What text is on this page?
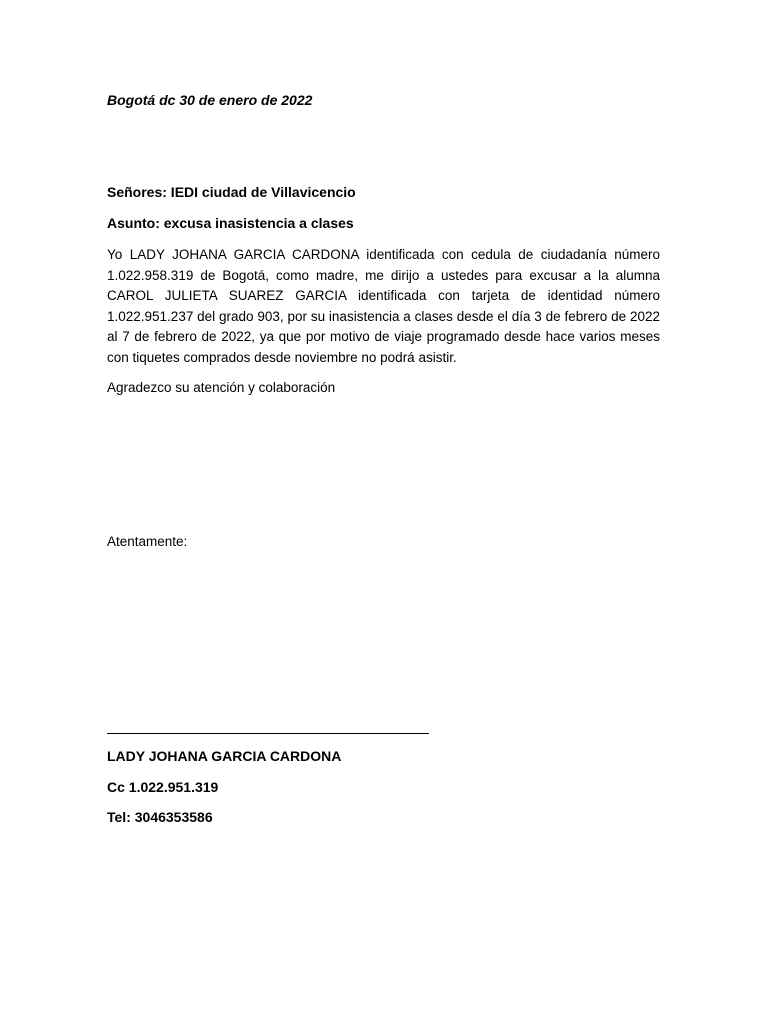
Bogotá dc 30 de enero de 2022
Señores: IEDI ciudad de Villavicencio
Asunto: excusa inasistencia a clases
Yo LADY JOHANA GARCIA CARDONA identificada con cedula de ciudadanía número 1.022.958.319 de Bogotá, como madre, me dirijo a ustedes para excusar a la alumna CAROL JULIETA SUAREZ GARCIA identificada con tarjeta de identidad número 1.022.951.237 del grado 903, por su inasistencia a clases desde el día 3 de febrero de 2022 al 7 de febrero de 2022, ya que por motivo de viaje programado desde hace varios meses con tiquetes comprados desde noviembre no podrá asistir.
Agradezco su atención y colaboración
Atentamente:
LADY JOHANA GARCIA CARDONA
Cc 1.022.951.319
Tel: 3046353586
